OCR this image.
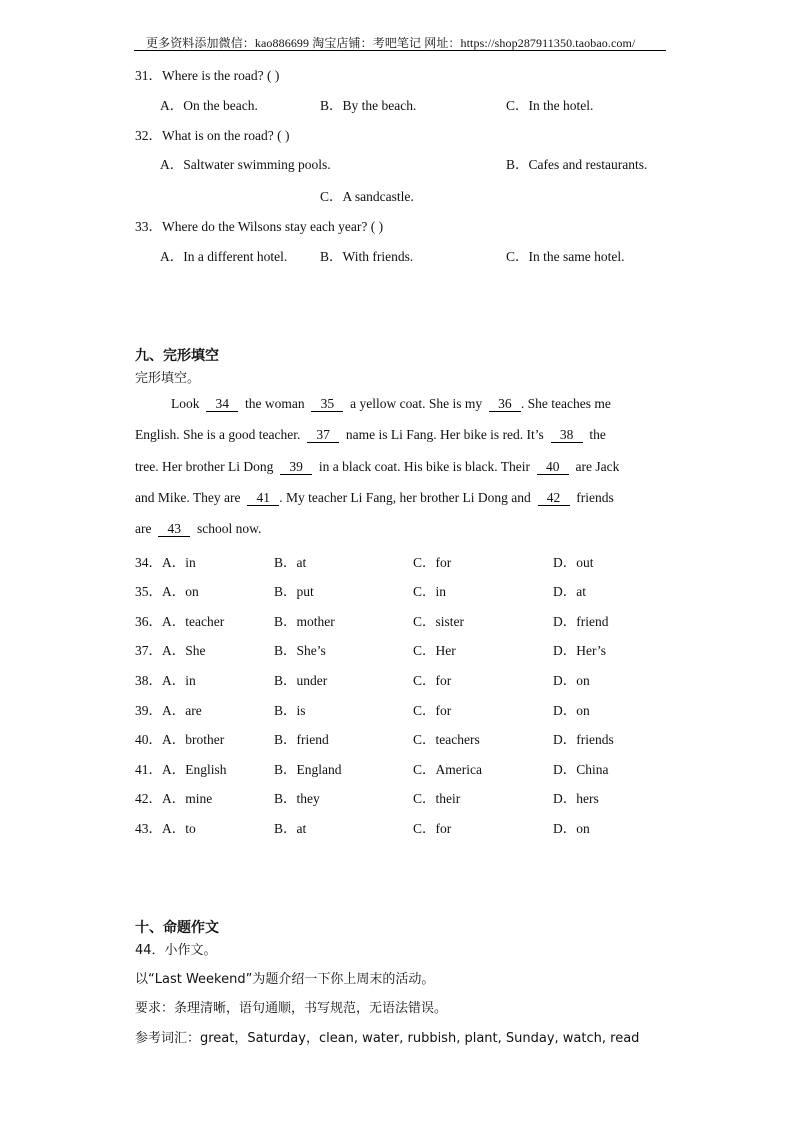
更多资料添加微信：kao886699 淘宝店铺：考吧笔记 网址：https://shop287911350.taobao.com/
31．Where is the road? ( )
A．On the beach.	B．By the beach.	C．In the hotel.
32．What is on the road? ( )
A．Saltwater swimming pools.	B．Cafes and restaurants.
C．A sandcastle.
33．Where do the Wilsons stay each year? ( )
A．In a different hotel. B．With friends.	C．In the same hotel.
九、完形填空
完形填空。
Look 34 the woman 35 a yellow coat. She is my 36 . She teaches me
English. She is a good teacher. 37 name is Li Fang. Her bike is red. It’s 38 the
tree. Her brother Li Dong 39 in a black coat. His bike is black. Their 40 are Jack
and Mike. They are 41 . My teacher Li Fang, her brother Li Dong and 42 friends
are 43 school now.
34．A．in	B．at	C．for	D．out
35．A．on	B．put	C．in	D．at
36．A．teacher	B．mother	C．sister	D．friend
37．A．She	B．She’s	C．Her	D．Her’s
38．A．in	B．under	C．for	D．on
39．A．are	B．is	C．for	D．on
40．A．brother	B．friend	C．teachers	D．friends
41．A．English	B．England	C．America	D．China
42．A．mine	B．they	C．their	D．hers
43．A．to	B．at	C．for	D．on
十、命题作文
44．小作文。
以“Last Weekend”为题介绍一下你上周末的活动。
要求：条理清晰，语句通顺，书写规范，无语法错误。
参考词汇：great，Saturday，clean, water, rubbish, plant, Sunday, watch, read
